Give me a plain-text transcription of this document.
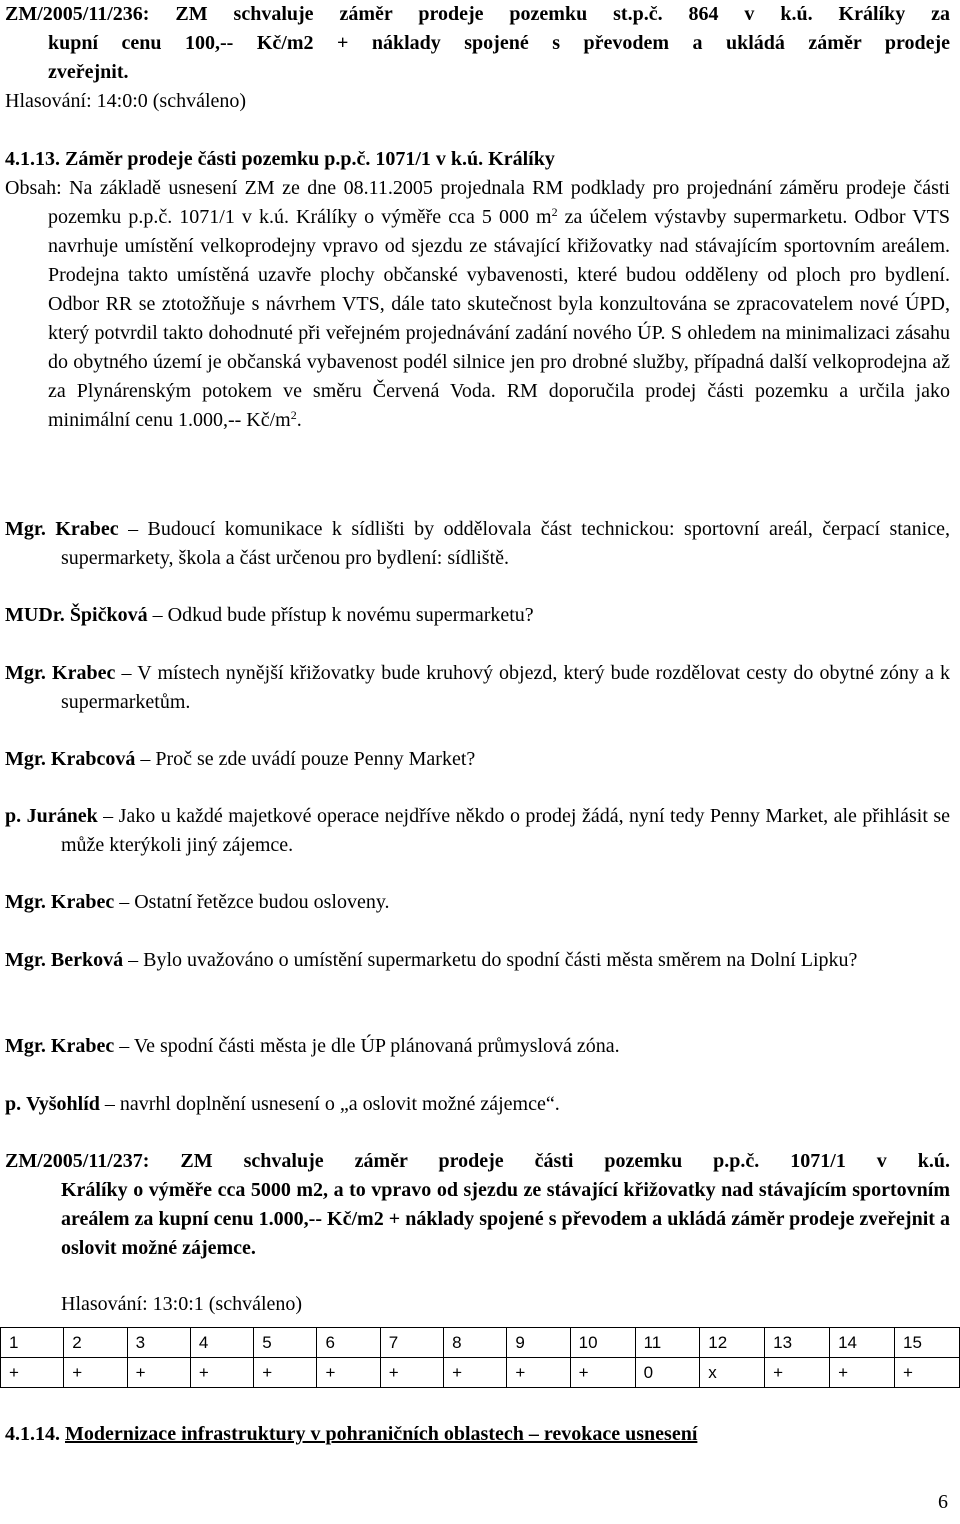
ZM/2005/11/236: ZM schvaluje záměr prodeje pozemku st.p.č. 864 v k.ú. Králíky za
kupní cenu 100,-- Kč/m2 + náklady spojené s převodem a ukládá záměr prodeje
zveřejnit.
Hlasování: 14:0:0 (schváleno)
4.1.13. Záměr prodeje části pozemku p.p.č. 1071/1 v k.ú. Králíky
Obsah: Na základě usnesení ZM ze dne 08.11.2005 projednala RM podklady pro projednání záměru prodeje části pozemku p.p.č. 1071/1 v k.ú. Králíky o výměře cca 5 000 $m^2$ za účelem výstavby supermarketu. Odbor VTS navrhuje umístění velkoprodejny vpravo od sjezdu ze stávající křižovatky nad stávajícím sportovním areálem. Prodejna takto umístěná uzavře plochy občanské vybavenosti, které budou odděleny od ploch pro bydlení. Odbor RR se ztotožňuje s návrhem VTS, dále tato skutečnost byla konzultována se zpracovatelem nové ÚPD, který potvrdil takto dohodnuté při veřejném projednávání zadání nového ÚP. S ohledem na minimalizaci zásahu do obytného území je občanská vybavenost podél silnice jen pro drobné služby, případná další velkoprodejna až za Plynárenským potokem ve směru Červená Voda. RM doporučila prodej části pozemku a určila jako minimální cenu 1.000,-- $Kč/m^2$.
Mgr. Krabec – Budoucí komunikace k sídlišti by oddělovala část technickou: sportovní areál, čerpací stanice, supermarkety, škola a část určenou pro bydlení: sídliště.
MUDr. Špičková – Odkud bude přístup k novému supermarketu?
Mgr. Krabec – V místech nynější křižovatky bude kruhový objezd, který bude rozdělovat cesty do obytné zóny a k supermarketům.
Mgr. Krabcová – Proč se zde uvádí pouze Penny Market?
p. Juránek – Jako u každé majetkové operace nejdříve někdo o prodej žádá, nyní tedy Penny Market, ale přihlásit se může kterýkoli jiný zájemce.
Mgr. Krabec – Ostatní řetězce budou osloveny.
Mgr. Berková – Bylo uvažováno o umístění supermarketu do spodní části města směrem na Dolní Lipku?
Mgr. Krabec – Ve spodní části města je dle ÚP plánovaná průmyslová zóna.
p. Vyšohlíd – navrhl doplnění usnesení o „a oslovit možné zájemce“.
ZM/2005/11/237: ZM schvaluje záměr prodeje části pozemku p.p.č. 1071/1 v k.ú.
Králíky o výměře cca 5000 m2, a to vpravo od sjezdu ze stávající křižovatky nad stávajícím sportovním areálem za kupní cenu 1.000,-- Kč/m2 + náklady spojené s převodem a ukládá záměr prodeje zveřejnit a oslovit možné zájemce.
Hlasování: 13:0:1 (schváleno)
1	2	3	4	5	6	7	8	9	10	11	12	13	14	15
+	+	+	+	+	+	+	+	+	+	0	x	+	+	+
4.1.14. Modernizace infrastruktury v pohraničních oblastech – revokace usnesení
6
